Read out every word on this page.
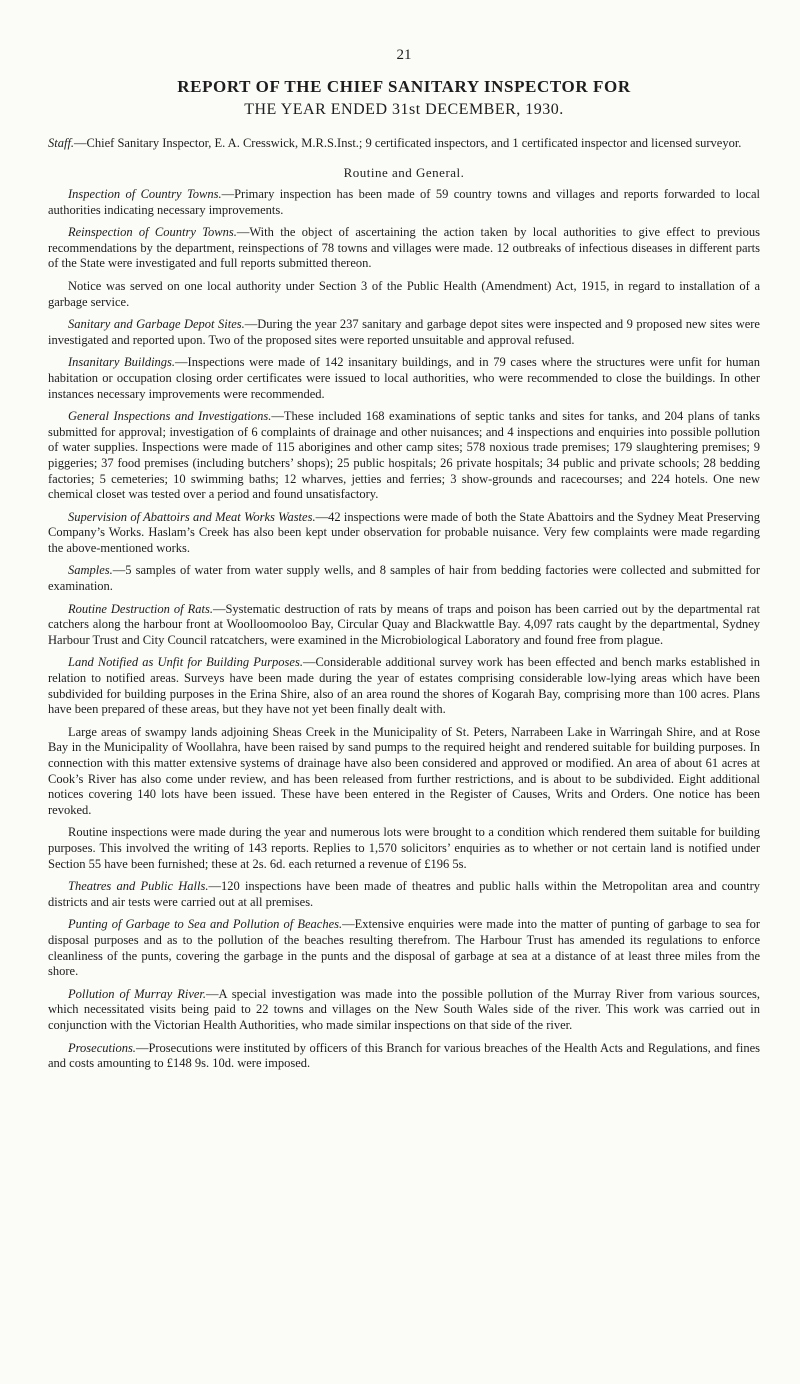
21
REPORT OF THE CHIEF SANITARY INSPECTOR FOR
THE YEAR ENDED 31st DECEMBER, 1930.
Staff.—Chief Sanitary Inspector, E. A. Cresswick, M.R.S.Inst.; 9 certificated inspectors, and 1 certificated inspector and licensed surveyor.
Routine and General.

Inspection of Country Towns.—Primary inspection has been made of 59 country towns and villages and reports forwarded to local authorities indicating necessary improvements.

Reinspection of Country Towns.—With the object of ascertaining the action taken by local authorities to give effect to previous recommendations by the department, reinspections of 78 towns and villages were made. 12 outbreaks of infectious diseases in different parts of the State were investigated and full reports submitted thereon.

Notice was served on one local authority under Section 3 of the Public Health (Amendment) Act, 1915, in regard to installation of a garbage service.

Sanitary and Garbage Depot Sites.—During the year 237 sanitary and garbage depot sites were inspected and 9 proposed new sites were investigated and reported upon. Two of the proposed sites were reported unsuitable and approval refused.

Insanitary Buildings.—Inspections were made of 142 insanitary buildings, and in 79 cases where the structures were unfit for human habitation or occupation closing order certificates were issued to local authorities, who were recommended to close the buildings. In other instances necessary improvements were recommended.

General Inspections and Investigations.—These included 168 examinations of septic tanks and sites for tanks, and 204 plans of tanks submitted for approval; investigation of 6 complaints of drainage and other nuisances; and 4 inspections and enquiries into possible pollution of water supplies. Inspections were made of 115 aborigines and other camp sites; 578 noxious trade premises; 179 slaughtering premises; 9 piggeries; 37 food premises (including butchers’ shops); 25 public hospitals; 26 private hospitals; 34 public and private schools; 28 bedding factories; 5 cemeteries; 10 swimming baths; 12 wharves, jetties and ferries; 3 show-grounds and racecourses; and 224 hotels. One new chemical closet was tested over a period and found unsatisfactory.

Supervision of Abattoirs and Meat Works Wastes.—42 inspections were made of both the State Abattoirs and the Sydney Meat Preserving Company’s Works. Haslam’s Creek has also been kept under observation for probable nuisance. Very few complaints were made regarding the above-mentioned works.

Samples.—5 samples of water from water supply wells, and 8 samples of hair from bedding factories were collected and submitted for examination.

Routine Destruction of Rats.—Systematic destruction of rats by means of traps and poison has been carried out by the departmental rat catchers along the harbour front at Woolloomooloo Bay, Circular Quay and Blackwattle Bay. 4,097 rats caught by the departmental, Sydney Harbour Trust and City Council ratcatchers, were examined in the Microbiological Laboratory and found free from plague.

Land Notified as Unfit for Building Purposes.—Considerable additional survey work has been effected and bench marks established in relation to notified areas. Surveys have been made during the year of estates comprising considerable low-lying areas which have been subdivided for building purposes in the Erina Shire, also of an area round the shores of Kogarah Bay, comprising more than 100 acres. Plans have been prepared of these areas, but they have not yet been finally dealt with.

Large areas of swampy lands adjoining Sheas Creek in the Municipality of St. Peters, Narrabeen Lake in Warringah Shire, and at Rose Bay in the Municipality of Woollahra, have been raised by sand pumps to the required height and rendered suitable for building purposes. In connection with this matter extensive systems of drainage have also been considered and approved or modified. An area of about 61 acres at Cook’s River has also come under review, and has been released from further restrictions, and is about to be subdivided. Eight additional notices covering 140 lots have been issued. These have been entered in the Register of Causes, Writs and Orders. One notice has been revoked.

Routine inspections were made during the year and numerous lots were brought to a condition which rendered them suitable for building purposes. This involved the writing of 143 reports. Replies to 1,570 solicitors’ enquiries as to whether or not certain land is notified under Section 55 have been furnished; these at 2s. 6d. each returned a revenue of £196 5s.

Theatres and Public Halls.—120 inspections have been made of theatres and public halls within the Metropolitan area and country districts and air tests were carried out at all premises.

Punting of Garbage to Sea and Pollution of Beaches.—Extensive enquiries were made into the matter of punting of garbage to sea for disposal purposes and as to the pollution of the beaches resulting therefrom. The Harbour Trust has amended its regulations to enforce cleanliness of the punts, covering the garbage in the punts and the disposal of garbage at sea at a distance of at least three miles from the shore.

Pollution of Murray River.—A special investigation was made into the possible pollution of the Murray River from various sources, which necessitated visits being paid to 22 towns and villages on the New South Wales side of the river. This work was carried out in conjunction with the Victorian Health Authorities, who made similar inspections on that side of the river.

Prosecutions.—Prosecutions were instituted by officers of this Branch for various breaches of the Health Acts and Regulations, and fines and costs amounting to £148 9s. 10d. were imposed.
